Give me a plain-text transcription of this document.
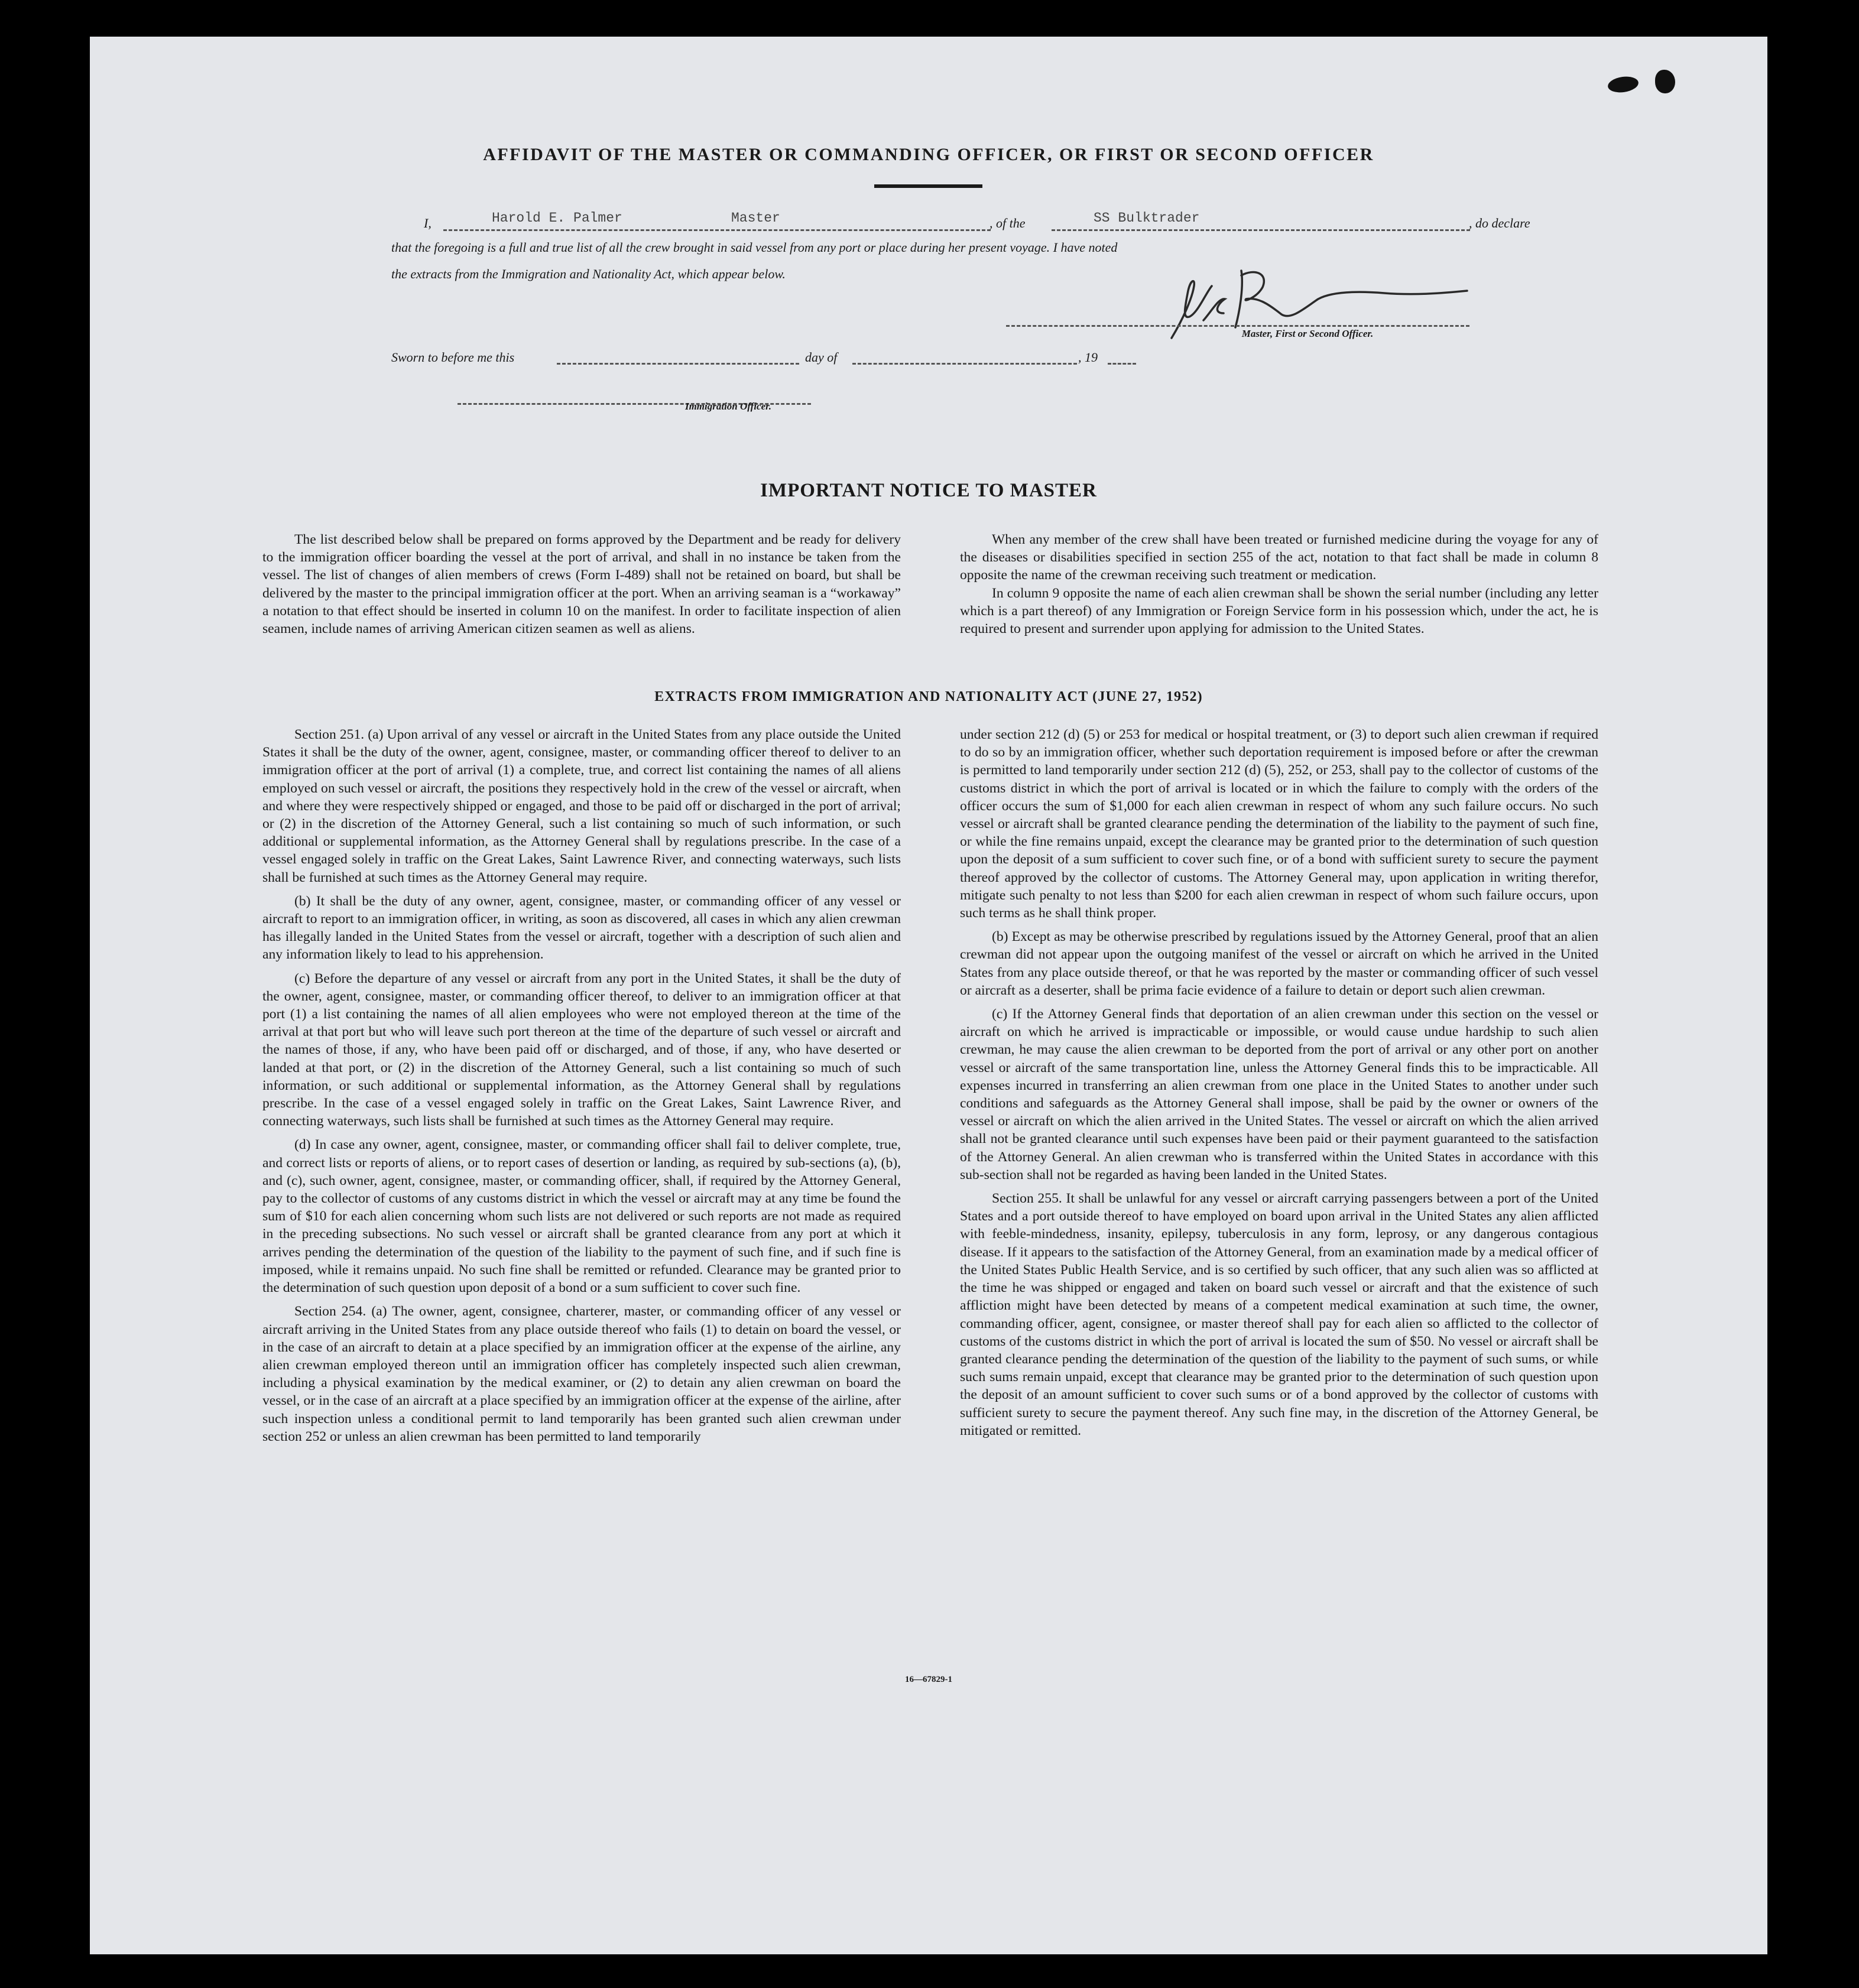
AFFIDAVIT OF THE MASTER OR COMMANDING OFFICER, OR FIRST OR SECOND OFFICER
I,	Harold E. Palmer	Master	, of the	SS Bulktrader	, do declare
that the foregoing is a full and true list of all the crew brought in said vessel from any port or place during her present voyage. I have noted
the extracts from the Immigration and Nationality Act, which appear below.
Master, First or Second Officer.
Sworn to before me this	day of	, 19
Immigration Officer.
IMPORTANT NOTICE TO MASTER

The list described below shall be prepared on forms approved by the Department and be ready for delivery to the immigration officer boarding the vessel at the port of arrival, and shall in no instance be taken from the vessel. The list of changes of alien members of crews (Form I-489) shall not be retained on board, but shall be delivered by the master to the principal immigration officer at the port. When an arriving seaman is a “workaway” a notation to that effect should be inserted in column 10 on the manifest. In order to facilitate inspection of alien seamen, include names of arriving American citizen seamen as well as aliens.

When any member of the crew shall have been treated or furnished medicine during the voyage for any of the diseases or disabilities specified in section 255 of the act, notation to that fact shall be made in column 8 opposite the name of the crewman receiving such treatment or medication.

In column 9 opposite the name of each alien crewman shall be shown the serial number (including any letter which is a part thereof) of any Immigration or Foreign Service form in his possession which, under the act, he is required to present and surrender upon applying for admission to the United States.

EXTRACTS FROM IMMIGRATION AND NATIONALITY ACT (JUNE 27, 1952)

Section 251. (a) Upon arrival of any vessel or aircraft in the United States from any place outside the United States it shall be the duty of the owner, agent, consignee, master, or commanding officer thereof to deliver to an immigration officer at the port of arrival (1) a complete, true, and correct list containing the names of all aliens employed on such vessel or aircraft, the positions they respectively hold in the crew of the vessel or aircraft, when and where they were respectively shipped or engaged, and those to be paid off or discharged in the port of arrival; or (2) in the discretion of the Attorney General, such a list containing so much of such information, or such additional or supplemental information, as the Attorney General shall by regulations prescribe. In the case of a vessel engaged solely in traffic on the Great Lakes, Saint Lawrence River, and connecting waterways, such lists shall be furnished at such times as the Attorney General may require.

(b) It shall be the duty of any owner, agent, consignee, master, or commanding officer of any vessel or aircraft to report to an immigration officer, in writing, as soon as discovered, all cases in which any alien crewman has illegally landed in the United States from the vessel or aircraft, together with a description of such alien and any information likely to lead to his apprehension.

(c) Before the departure of any vessel or aircraft from any port in the United States, it shall be the duty of the owner, agent, consignee, master, or commanding officer thereof, to deliver to an immigration officer at that port (1) a list containing the names of all alien employees who were not employed thereon at the time of the arrival at that port but who will leave such port thereon at the time of the departure of such vessel or aircraft and the names of those, if any, who have been paid off or discharged, and of those, if any, who have deserted or landed at that port, or (2) in the discretion of the Attorney General, such a list containing so much of such information, or such additional or supplemental information, as the Attorney General shall by regulations prescribe. In the case of a vessel engaged solely in traffic on the Great Lakes, Saint Lawrence River, and connecting waterways, such lists shall be furnished at such times as the Attorney General may require.

(d) In case any owner, agent, consignee, master, or commanding officer shall fail to deliver complete, true, and correct lists or reports of aliens, or to report cases of desertion or landing, as required by sub-sections (a), (b), and (c), such owner, agent, consignee, master, or commanding officer, shall, if required by the Attorney General, pay to the collector of customs of any customs district in which the vessel or aircraft may at any time be found the sum of $10 for each alien concerning whom such lists are not delivered or such reports are not made as required in the preceding subsections. No such vessel or aircraft shall be granted clearance from any port at which it arrives pending the determination of the question of the liability to the payment of such fine, and if such fine is imposed, while it remains unpaid. No such fine shall be remitted or refunded. Clearance may be granted prior to the determination of such question upon deposit of a bond or a sum sufficient to cover such fine.

Section 254. (a) The owner, agent, consignee, charterer, master, or commanding officer of any vessel or aircraft arriving in the United States from any place outside thereof who fails (1) to detain on board the vessel, or in the case of an aircraft to detain at a place specified by an immigration officer at the expense of the airline, any alien crewman employed thereon until an immigration officer has completely inspected such alien crewman, including a physical examination by the medical examiner, or (2) to detain any alien crewman on board the vessel, or in the case of an aircraft at a place specified by an immigration officer at the expense of the airline, after such inspection unless a conditional permit to land temporarily has been granted such alien crewman under section 252 or unless an alien crewman has been permitted to land temporarily

under section 212 (d) (5) or 253 for medical or hospital treatment, or (3) to deport such alien crewman if required to do so by an immigration officer, whether such deportation requirement is imposed before or after the crewman is permitted to land temporarily under section 212 (d) (5), 252, or 253, shall pay to the collector of customs of the customs district in which the port of arrival is located or in which the failure to comply with the orders of the officer occurs the sum of $1,000 for each alien crewman in respect of whom any such failure occurs. No such vessel or aircraft shall be granted clearance pending the determination of the liability to the payment of such fine, or while the fine remains unpaid, except the clearance may be granted prior to the determination of such question upon the deposit of a sum sufficient to cover such fine, or of a bond with sufficient surety to secure the payment thereof approved by the collector of customs. The Attorney General may, upon application in writing therefor, mitigate such penalty to not less than $200 for each alien crewman in respect of whom such failure occurs, upon such terms as he shall think proper.

(b) Except as may be otherwise prescribed by regulations issued by the Attorney General, proof that an alien crewman did not appear upon the outgoing manifest of the vessel or aircraft on which he arrived in the United States from any place outside thereof, or that he was reported by the master or commanding officer of such vessel or aircraft as a deserter, shall be prima facie evidence of a failure to detain or deport such alien crewman.

(c) If the Attorney General finds that deportation of an alien crewman under this section on the vessel or aircraft on which he arrived is impracticable or impossible, or would cause undue hardship to such alien crewman, he may cause the alien crewman to be deported from the port of arrival or any other port on another vessel or aircraft of the same transportation line, unless the Attorney General finds this to be impracticable. All expenses incurred in transferring an alien crewman from one place in the United States to another under such conditions and safeguards as the Attorney General shall impose, shall be paid by the owner or owners of the vessel or aircraft on which the alien arrived in the United States. The vessel or aircraft on which the alien arrived shall not be granted clearance until such expenses have been paid or their payment guaranteed to the satisfaction of the Attorney General. An alien crewman who is transferred within the United States in accordance with this sub-section shall not be regarded as having been landed in the United States.

Section 255. It shall be unlawful for any vessel or aircraft carrying passengers between a port of the United States and a port outside thereof to have employed on board upon arrival in the United States any alien afflicted with feeble-mindedness, insanity, epilepsy, tuberculosis in any form, leprosy, or any dangerous contagious disease. If it appears to the satisfaction of the Attorney General, from an examination made by a medical officer of the United States Public Health Service, and is so certified by such officer, that any such alien was so afflicted at the time he was shipped or engaged and taken on board such vessel or aircraft and that the existence of such affliction might have been detected by means of a competent medical examination at such time, the owner, commanding officer, agent, consignee, or master thereof shall pay for each alien so afflicted to the collector of customs of the customs district in which the port of arrival is located the sum of $50. No vessel or aircraft shall be granted clearance pending the determination of the question of the liability to the payment of such sums, or while such sums remain unpaid, except that clearance may be granted prior to the determination of such question upon the deposit of an amount sufficient to cover such sums or of a bond approved by the collector of customs with sufficient surety to secure the payment thereof. Any such fine may, in the discretion of the Attorney General, be mitigated or remitted.

16—67829-1
